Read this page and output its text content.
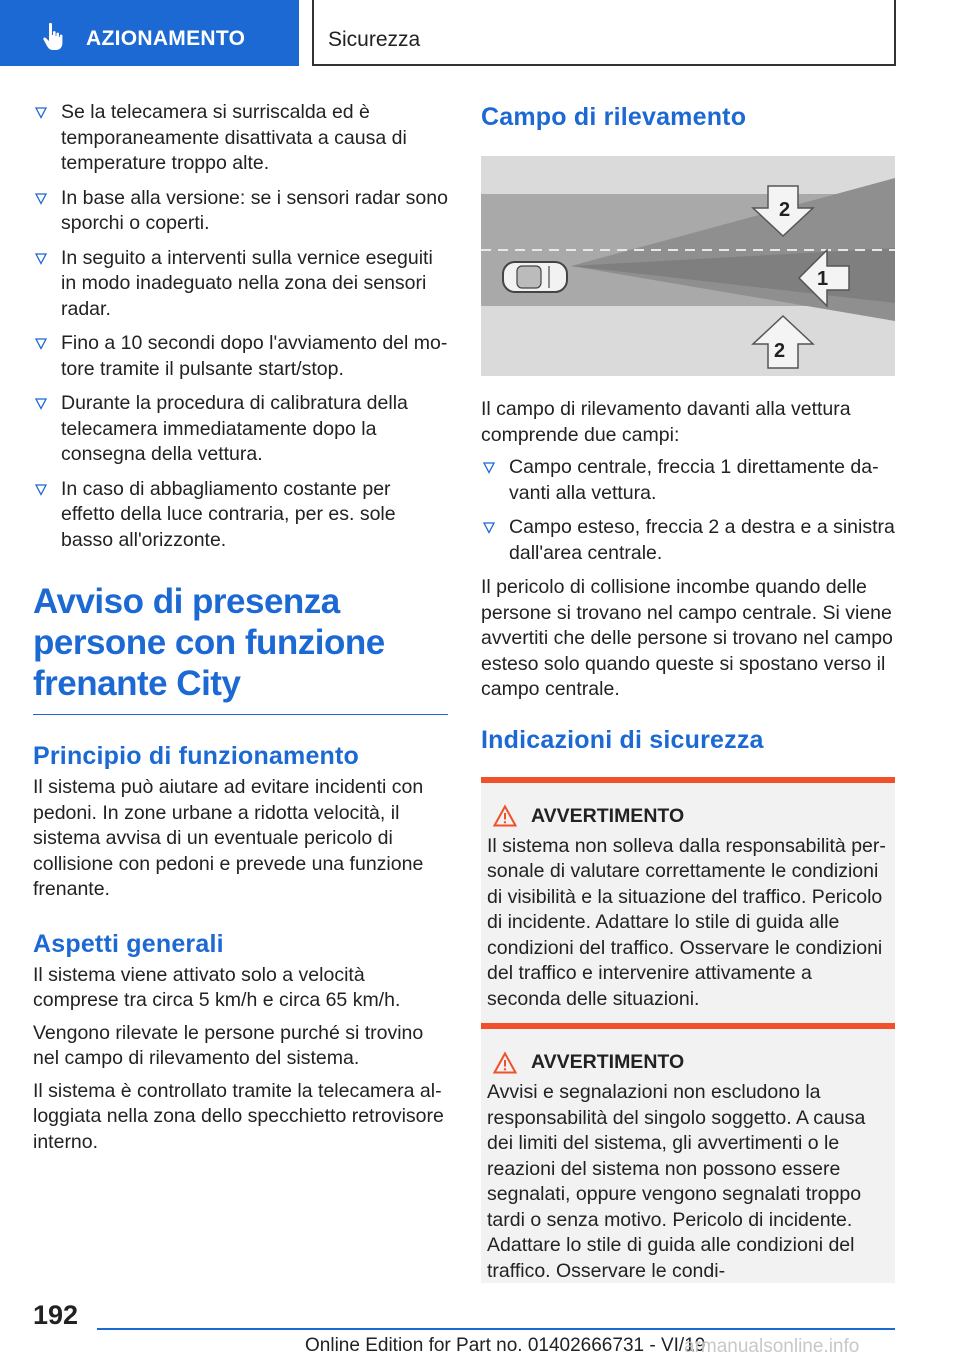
AZIONAMENTO	Sicurezza
Se la telecamera si surriscalda ed è temporaneamente disattivata a causa di temperature troppo alte.
In base alla versione: se i sensori radar sono sporchi o coperti.
In seguito a interventi sulla vernice eseguiti in modo inadeguato nella zona dei sensori radar.
Fino a 10 secondi dopo l'avviamento del motore tramite il pulsante start/stop.
Durante la procedura di calibratura della telecamera immediatamente dopo la consegna della vettura.
In caso di abbagliamento costante per effetto della luce contraria, per es. sole basso all'orizzonte.
Avviso di presenza persone con funzione frenante City
Principio di funzionamento

Il sistema può aiutare ad evitare incidenti con pedoni. In zone urbane a ridotta velocità, il sistema avvisa di un eventuale pericolo di collisione con pedoni e prevede una funzione frenante.

Aspetti generali

Il sistema viene attivato solo a velocità comprese tra circa 5 km/h e circa 65 km/h.

Vengono rilevate le persone purché si trovino nel campo di rilevamento del sistema.

Il sistema è controllato tramite la telecamera alloggiata nella zona dello specchietto retrovisore interno.

Campo di rilevamento
2
1
2

Il campo di rilevamento davanti alla vettura comprende due campi:

Campo centrale, freccia 1 direttamente davanti alla vettura.
Campo esteso, freccia 2 a destra e a sinistra dall'area centrale.

Il pericolo di collisione incombe quando delle persone si trovano nel campo centrale. Si viene avvertiti che delle persone si trovano nel campo esteso solo quando queste si spostano verso il campo centrale.

Indicazioni di sicurezza
AVVERTIMENTO
Il sistema non solleva dalla responsabilità personale di valutare correttamente le condizioni di visibilità e la situazione del traffico. Pericolo di incidente. Adattare lo stile di guida alle condizioni del traffico. Osservare le condizioni del traffico e intervenire attivamente a seconda delle situazioni.
AVVERTIMENTO
Avvisi e segnalazioni non escludono la responsabilità del singolo soggetto. A causa dei limiti del sistema, gli avvertimenti o le reazioni del sistema non possono essere segnalati, oppure vengono segnalati troppo tardi o senza motivo. Pericolo di incidente. Adattare lo stile di guida alle condizioni del traffico. Osservare le condi-
192
Online Edition for Part no. 01402666731 - VI/19
armanualsonline.info
